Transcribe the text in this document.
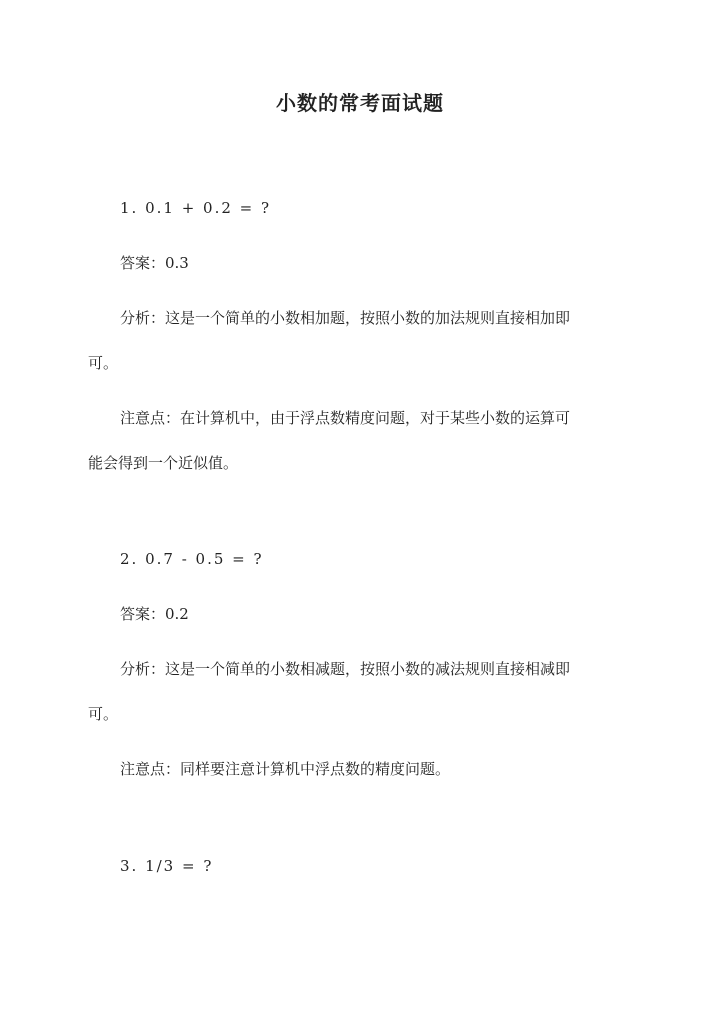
小数的常考面试题
1. 0.1 + 0.2 = ?
答案：0.3
分析：这是一个简单的小数相加题，按照小数的加法规则直接相加即
可。
注意点：在计算机中，由于浮点数精度问题，对于某些小数的运算可
能会得到一个近似值。
2. 0.7 - 0.5 = ?
答案：0.2
分析：这是一个简单的小数相减题，按照小数的减法规则直接相减即
可。
注意点：同样要注意计算机中浮点数的精度问题。
3. 1/3 = ?
